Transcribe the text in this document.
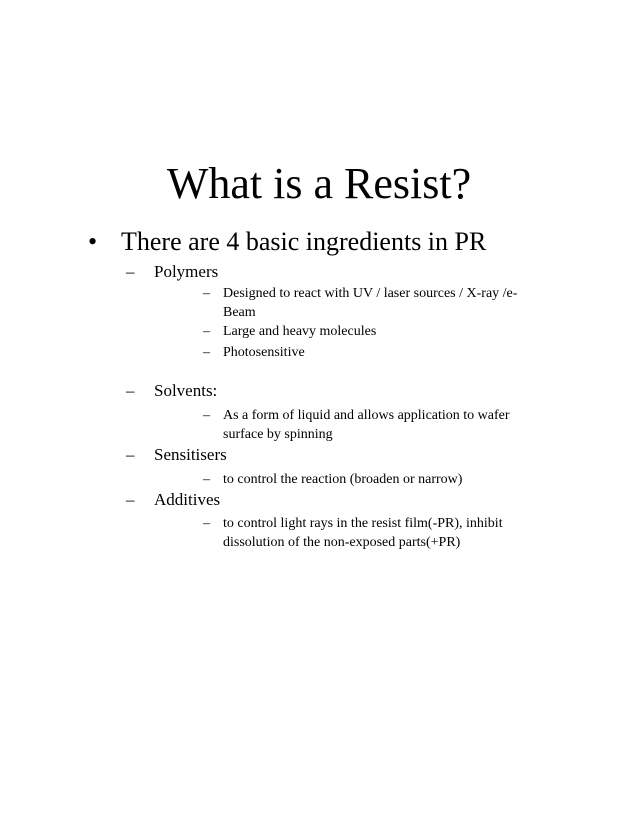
What is a Resist?
• There are 4 basic ingredients in PR
– Polymers
– Designed to react with UV / laser sources / X-ray /e-Beam
– Large and heavy molecules
– Photosensitive
– Solvents:
– As a form of liquid and allows application to wafer surface by spinning
– Sensitisers
– to control the reaction (broaden or narrow)
– Additives
– to control light rays in the resist film(-PR), inhibit dissolution of the non-exposed parts(+PR)
